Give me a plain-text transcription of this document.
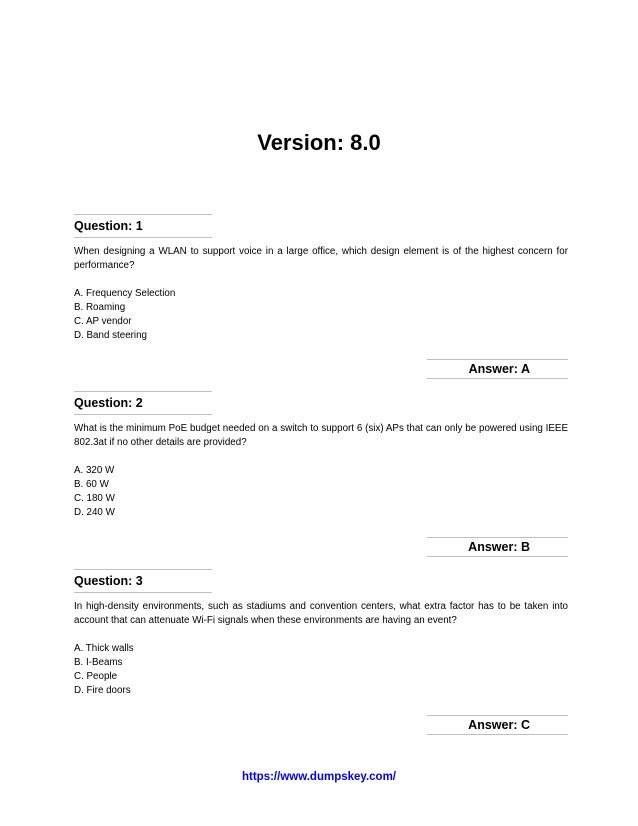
Version: 8.0
Question: 1
When designing a WLAN to support voice in a large office, which design element is of the highest concern for performance?
A. Frequency Selection
B. Roaming
C. AP vendor
D. Band steering
Answer: A
Question: 2
What is the minimum PoE budget needed on a switch to support 6 (six) APs that can only be powered using IEEE 802.3at if no other details are provided?
A. 320 W
B. 60 W
C. 180 W
D. 240 W
Answer: B
Question: 3
In high-density environments, such as stadiums and convention centers, what extra factor has to be taken into account that can attenuate Wi-Fi signals when these environments are having an event?
A. Thick walls
B. I-Beams
C. People
D. Fire doors
Answer: C
https://www.dumpskey.com/
